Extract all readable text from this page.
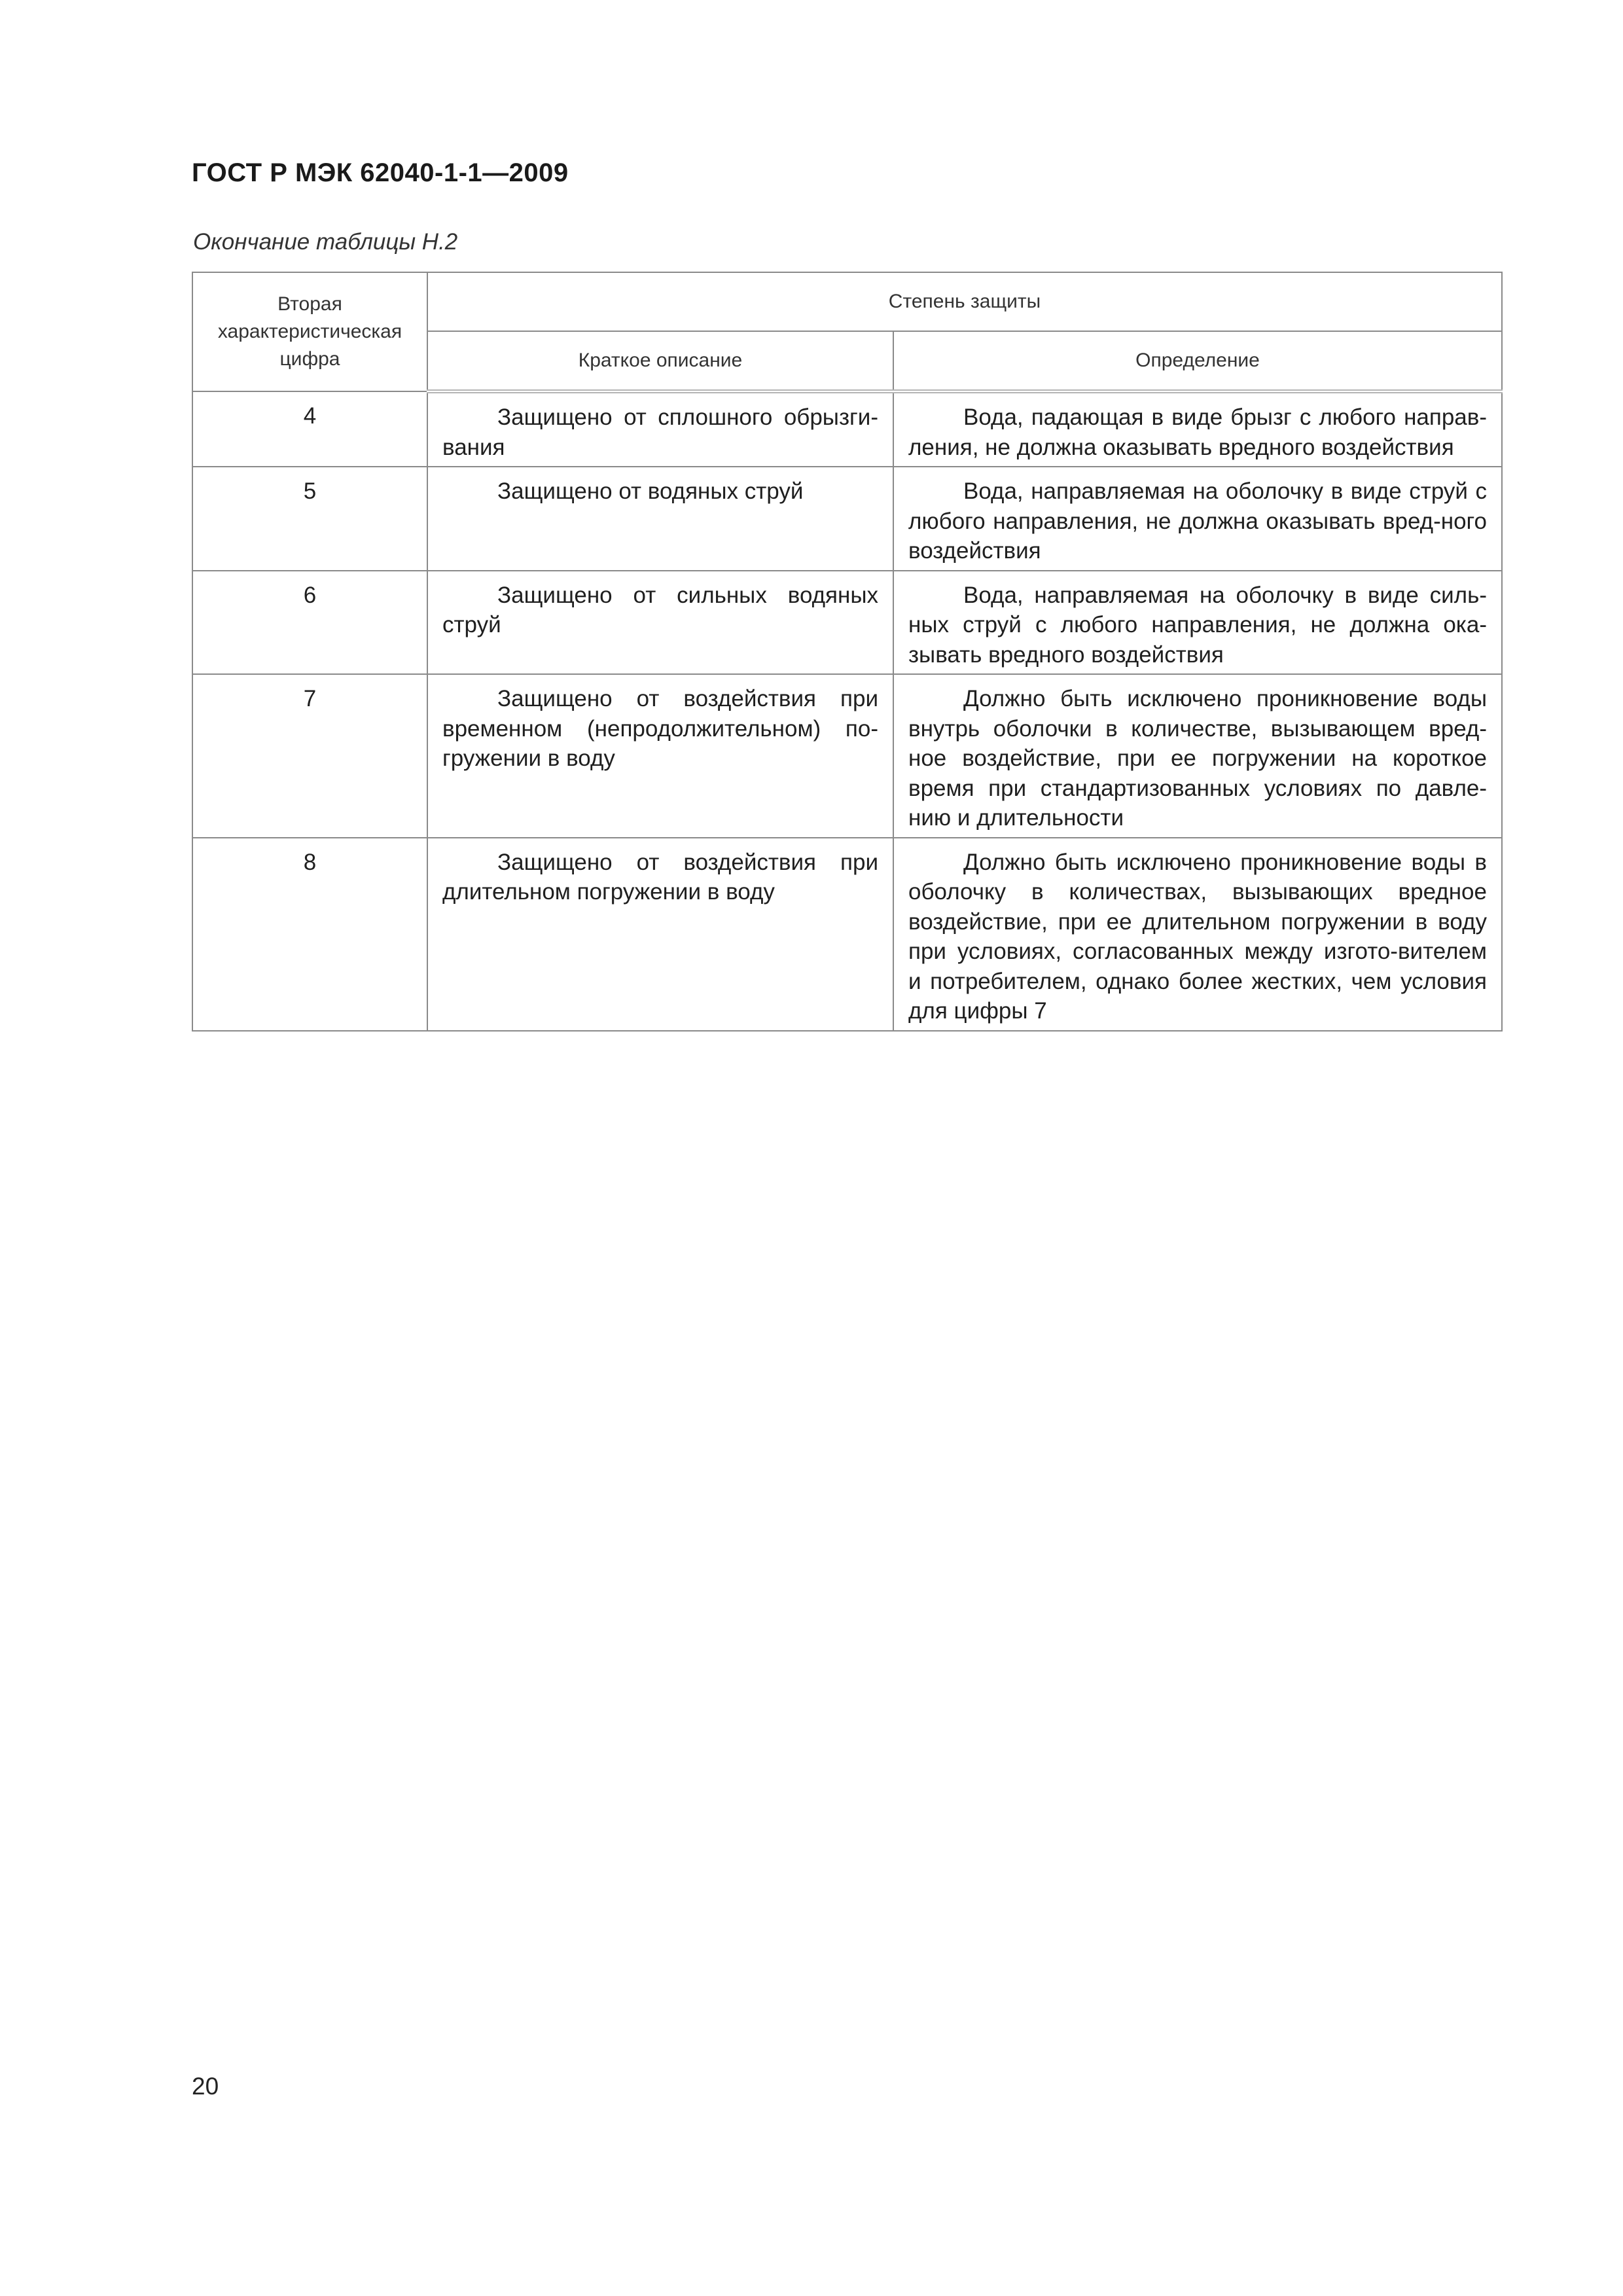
ГОСТ Р МЭК 62040-1-1—2009
Окончание таблицы Н.2
Вторая характеристическая цифра	Степень защиты	
	Краткое описание	Определение
4	Защищено от сплошного обрызги-вания	Вода, падающая в виде брызг с любого направ-ления, не должна оказывать вредного воздействия
5	Защищено от водяных струй	Вода, направляемая на оболочку в виде струй с любого направления, не должна оказывать вред-ного воздействия
6	Защищено от сильных водяных струй	Вода, направляемая на оболочку в виде силь-ных струй с любого направления, не должна ока-зывать вредного воздействия
7	Защищено от воздействия при временном (непродолжительном) по-гружении в воду	Должно быть исключено проникновение воды внутрь оболочки в количестве, вызывающем вред-ное воздействие, при ее погружении на короткое время при стандартизованных условиях по давле-нию и длительности
8	Защищено от воздействия при длительном погружении в воду	Должно быть исключено проникновение воды в оболочку в количествах, вызывающих вредное воздействие, при ее длительном погружении в воду при условиях, согласованных между изгото-вителем и потребителем, однако более жестких, чем условия для цифры 7
20
